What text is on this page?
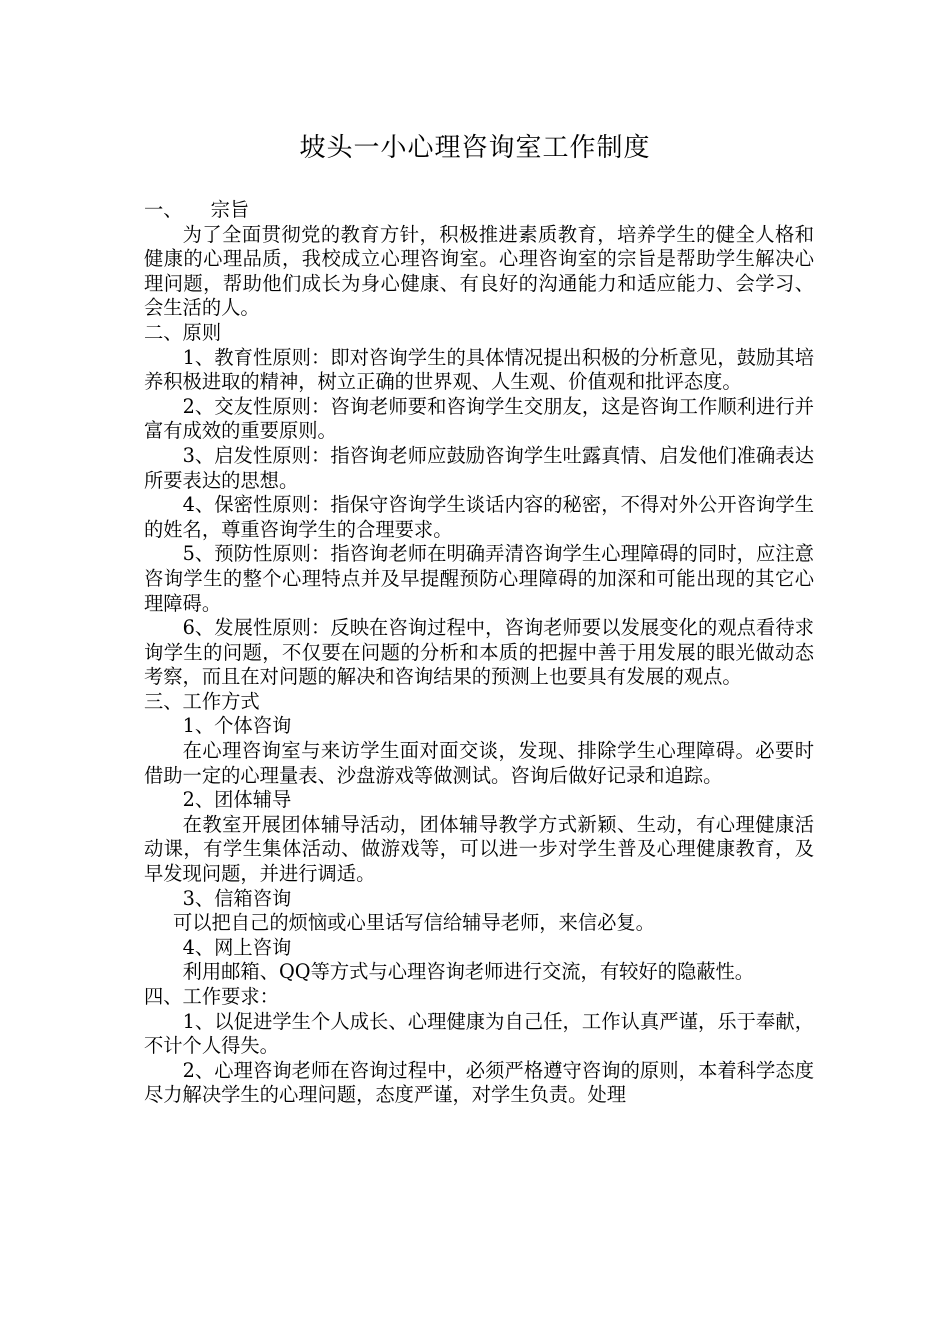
坡头一小心理咨询室工作制度

一、 宗旨

为了全面贯彻党的教育方针，积极推进素质教育，培养学生的健全人格和健康的心理品质，我校成立心理咨询室。心理咨询室的宗旨是帮助学生解决心理问题，帮助他们成长为身心健康、有良好的沟通能力和适应能力、会学习、会生活的人。

二、原则

1、教育性原则：即对咨询学生的具体情况提出积极的分析意见，鼓励其培养积极进取的精神，树立正确的世界观、人生观、价值观和批评态度。

2、交友性原则：咨询老师要和咨询学生交朋友，这是咨询工作顺利进行并富有成效的重要原则。

3、启发性原则：指咨询老师应鼓励咨询学生吐露真情、启发他们准确表达所要表达的思想。

4、保密性原则：指保守咨询学生谈话内容的秘密，不得对外公开咨询学生的姓名，尊重咨询学生的合理要求。

5、预防性原则：指咨询老师在明确弄清咨询学生心理障碍的同时，应注意咨询学生的整个心理特点并及早提醒预防心理障碍的加深和可能出现的其它心理障碍。

6、发展性原则：反映在咨询过程中，咨询老师要以发展变化的观点看待求询学生的问题，不仅要在问题的分析和本质的把握中善于用发展的眼光做动态考察，而且在对问题的解决和咨询结果的预测上也要具有发展的观点。

三、工作方式

1、个体咨询

在心理咨询室与来访学生面对面交谈，发现、排除学生心理障碍。必要时借助一定的心理量表、沙盘游戏等做测试。咨询后做好记录和追踪。

2、团体辅导

在教室开展团体辅导活动，团体辅导教学方式新颖、生动，有心理健康活动课，有学生集体活动、做游戏等，可以进一步对学生普及心理健康教育，及早发现问题，并进行调适。

3、信箱咨询

可以把自己的烦恼或心里话写信给辅导老师，来信必复。

4、网上咨询

利用邮箱、QQ等方式与心理咨询老师进行交流，有较好的隐蔽性。

四、工作要求：

1、以促进学生个人成长、心理健康为自己任，工作认真严谨，乐于奉献，不计个人得失。

2、心理咨询老师在咨询过程中，必须严格遵守咨询的原则，本着科学态度尽力解决学生的心理问题，态度严谨，对学生负责。处理
